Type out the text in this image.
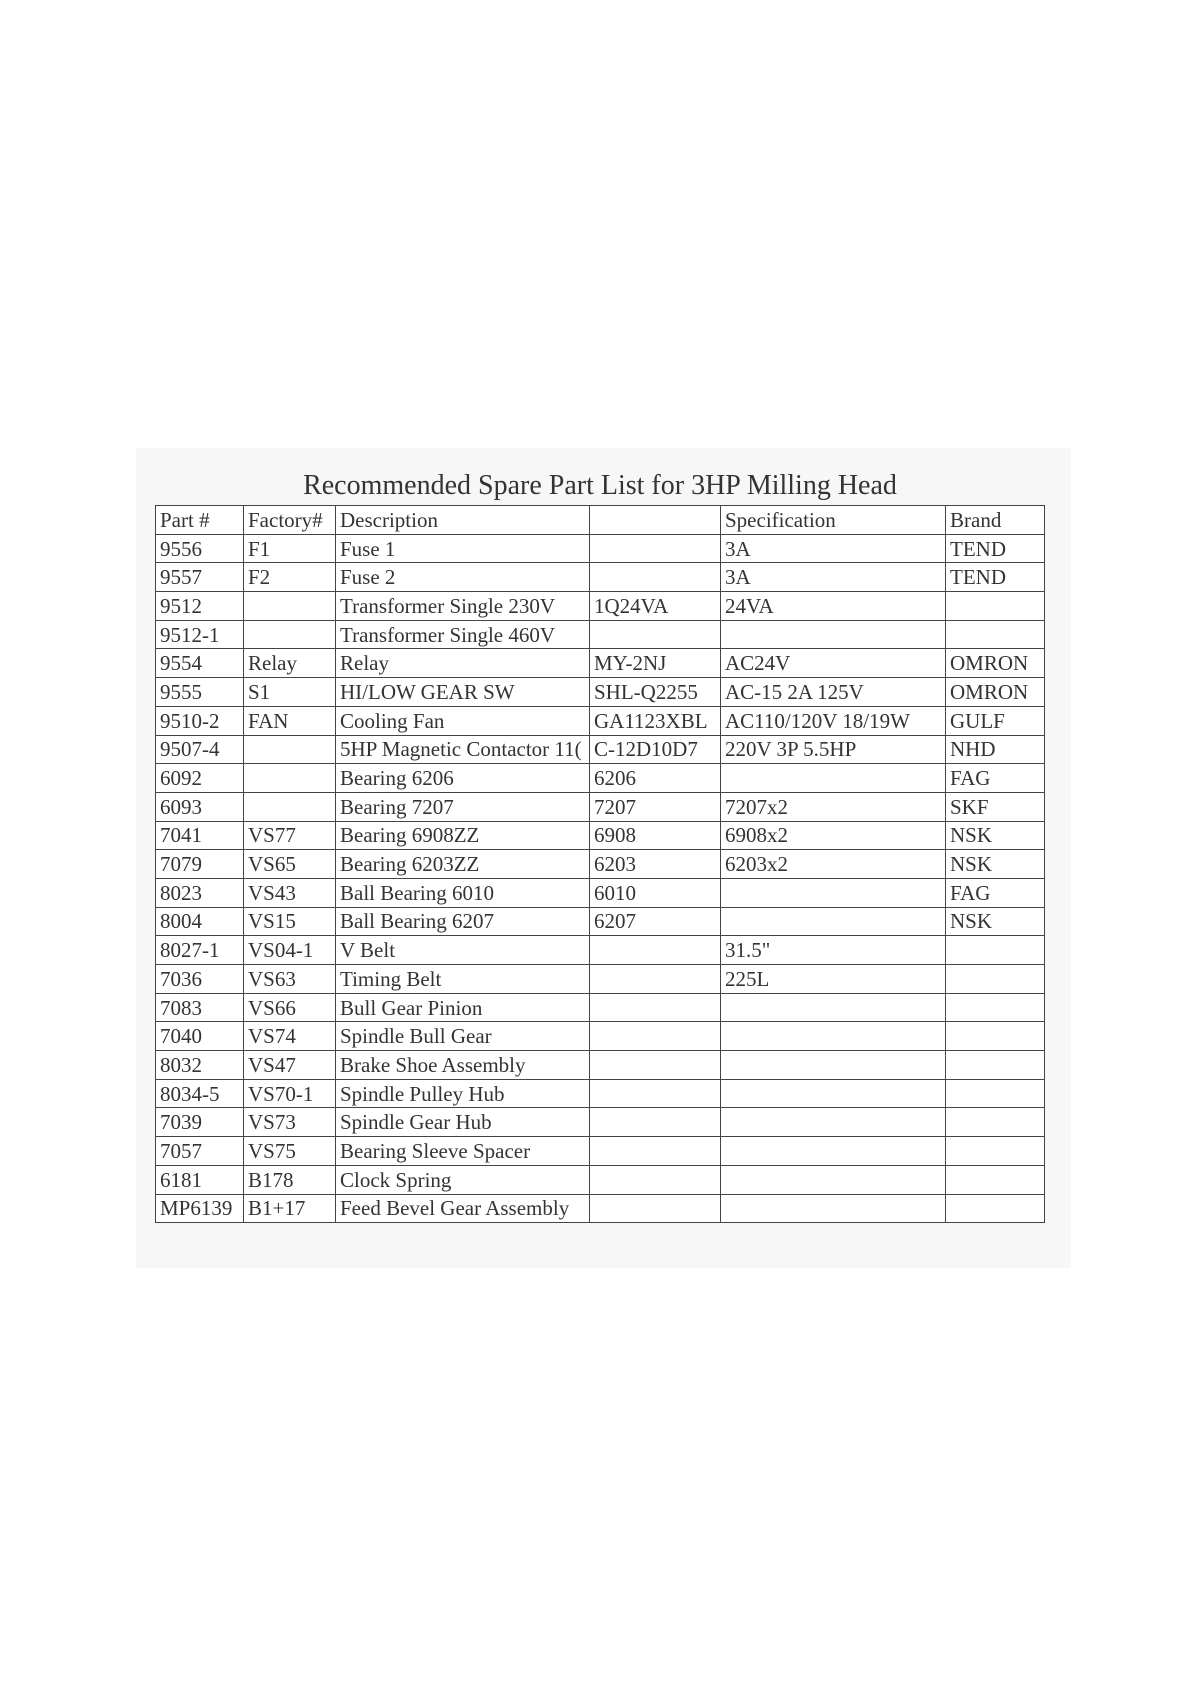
Recommended Spare Part List for 3HP Milling Head
Part #	Factory#	Description		Specification	Brand
9556	F1	Fuse 1		3A	TEND
9557	F2	Fuse 2		3A	TEND
9512		Transformer Single 230V	1Q24VA	24VA	
9512-1		Transformer Single 460V			
9554	Relay	Relay	MY-2NJ	AC24V	OMRON
9555	S1	HI/LOW GEAR SW	SHL-Q2255	AC-15 2A 125V	OMRON
9510-2	FAN	Cooling Fan	GA1123XBL	AC110/120V 18/19W	GULF
9507-4		5HP Magnetic Contactor 11(	C-12D10D7	220V 3P 5.5HP	NHD
6092		Bearing 6206	6206		FAG
6093		Bearing 7207	7207	7207x2	SKF
7041	VS77	Bearing 6908ZZ	6908	6908x2	NSK
7079	VS65	Bearing 6203ZZ	6203	6203x2	NSK
8023	VS43	Ball Bearing 6010	6010		FAG
8004	VS15	Ball Bearing 6207	6207		NSK
8027-1	VS04-1	V Belt		31.5"	
7036	VS63	Timing Belt		225L	
7083	VS66	Bull Gear Pinion			
7040	VS74	Spindle Bull Gear			
8032	VS47	Brake Shoe Assembly			
8034-5	VS70-1	Spindle Pulley Hub			
7039	VS73	Spindle Gear Hub			
7057	VS75	Bearing Sleeve Spacer			
6181	B178	Clock Spring			
MP6139	B1+17	Feed Bevel Gear Assembly			
